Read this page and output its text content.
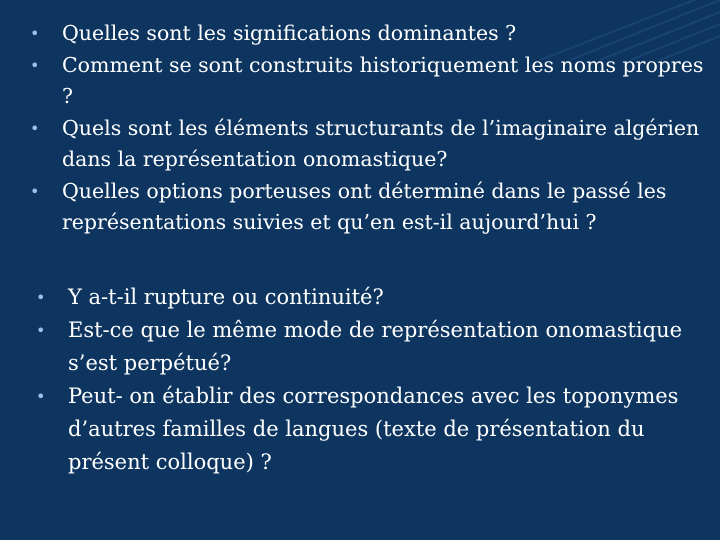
•	Quelles sont les significations dominantes ?
•	Comment se sont construits historiquement les noms propres ?
•	Quels sont les éléments structurants de l’imaginaire algérien dans la représentation onomastique?
•	Quelles options porteuses ont déterminé dans le passé les représentations suivies et qu’en est-il aujourd’hui ?
•	Y a-t-il rupture ou continuité?
•	Est-ce que le même mode de représentation onomastique s’est perpétué?
•	Peut- on établir des correspondances avec les toponymes d’autres familles de langues (texte de présentation du présent colloque) ?
